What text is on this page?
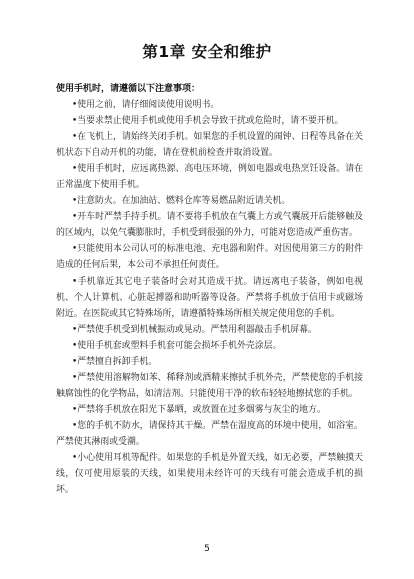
第1章 安全和维护

使用手机时，请遵循以下注意事项：

•使用之前，请仔细阅读使用说明书。

•当要求禁止使用手机或使用手机会导致干扰或危险时，请不要开机。

•在飞机上，请始终关闭手机。如果您的手机设置的闹钟、日程等具备在关机状态下自动开机的功能，请在登机前检查并取消设置。

•使用手机时，应远离热源、高电压环境，例如电器或电热烹饪设备。请在正常温度下使用手机。

•注意防火。在加油站、燃料仓库等易燃品附近请关机。

•开车时严禁手持手机。请不要将手机放在气囊上方或气囊展开后能够触及的区域内，以免气囊膨胀时，手机受到很强的外力，可能对您造成严重伤害。

•只能使用本公司认可的标准电池、充电器和附件。对因使用第三方的附件造成的任何后果，本公司不承担任何责任。

•手机靠近其它电子装备时会对其造成干扰。请远离电子装备，例如电视机、个人计算机、心脏起搏器和助听器等设备。严禁将手机放于信用卡或磁场附近。在医院或其它特殊场所，请遵循特殊场所相关规定使用您的手机。

•严禁使手机受到机械振动或晃动。严禁用利器敲击手机屏幕。

•使用手机套或塑料手机套可能会损坏手机外壳涂层。

•严禁擅自拆卸手机。

•严禁使用溶解物如苯、稀释剂或酒精来擦拭手机外壳，严禁使您的手机接触腐蚀性的化学物品，如清洁剂。只能使用干净的软布轻轻地擦拭您的手机。

•严禁将手机放在阳光下暴晒，或放置在过多烟雾与灰尘的地方。

•您的手机不防水，请保持其干燥。严禁在湿度高的环境中使用，如浴室。严禁使其淋雨或受潮。

•小心使用耳机等配件。如果您的手机是外置天线，如无必要，严禁触摸天线，仅可使用原装的天线，如果使用未经许可的天线有可能会造成手机的损坏。

5
